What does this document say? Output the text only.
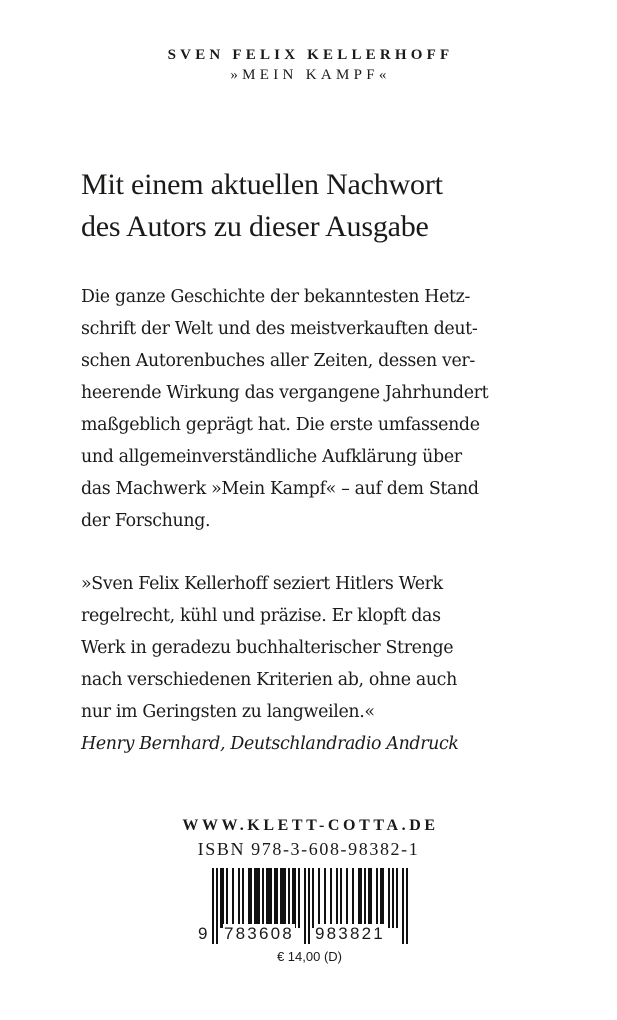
SVEN FELIX KELLERHOFF
»MEIN KAMPF«
Mit einem aktuellen Nachwort
des Autors zu dieser Ausgabe
Die ganze Geschichte der bekanntesten Hetz-
schrift der Welt und des meistverkauften deut-
schen Autorenbuches aller Zeiten, dessen ver-
heerende Wirkung das vergangene Jahrhundert
maßgeblich geprägt hat. Die erste umfassende
und allgemeinverständliche Aufklärung über
das Machwerk »Mein Kampf« – auf dem Stand
der Forschung.
»Sven Felix Kellerhoff seziert Hitlers Werk
regelrecht, kühl und präzise. Er klopft das
Werk in geradezu buchhalterischer Strenge
nach verschiedenen Kriterien ab, ohne auch
nur im Geringsten zu langweilen.«
Henry Bernhard, Deutschlandradio Andruck
WWW.KLETT-COTTA.DE
ISBN 978-3-608-98382-1
9 783608 983821
€ 14,00 (D)
